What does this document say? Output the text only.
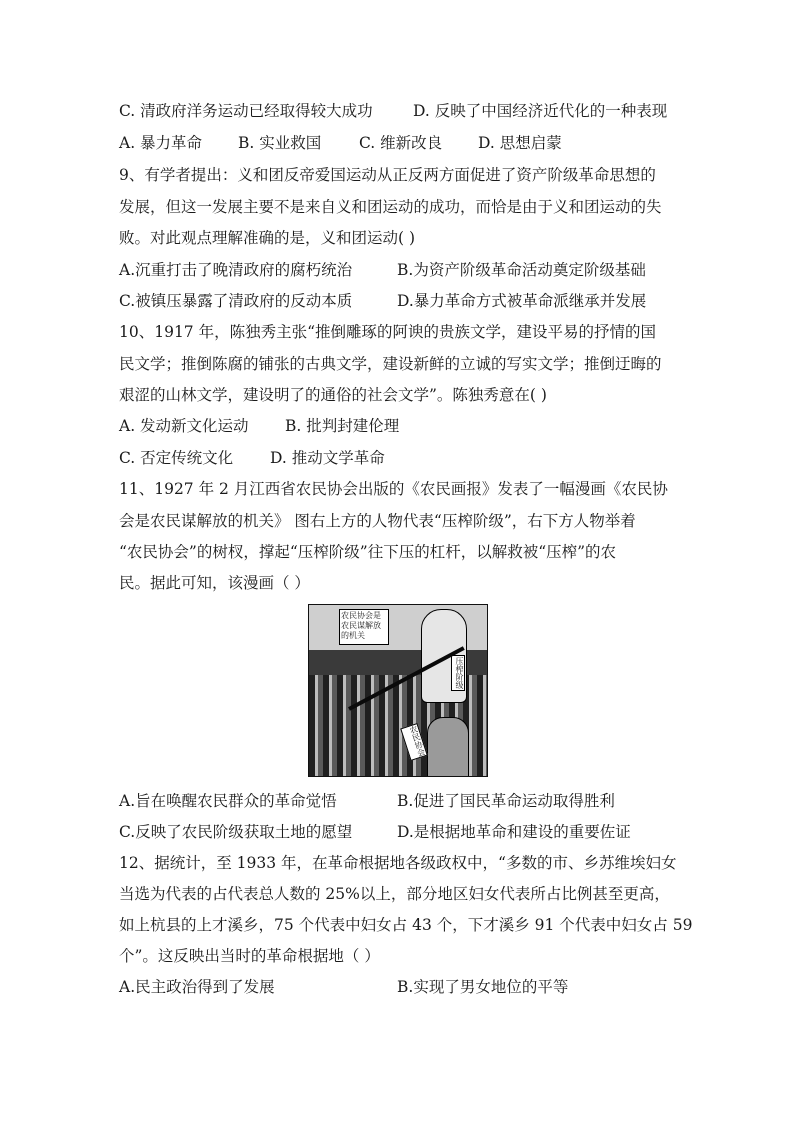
C. 清政府洋务运动已经取得较大成功	D. 反映了中国经济近代化的一种表现
A. 暴力革命 B. 实业救国 C. 维新改良 D. 思想启蒙
9、有学者提出：义和团反帝爱国运动从正反两方面促进了资产阶级革命思想的
发展，但这一发展主要不是来自义和团运动的成功，而恰是由于义和团运动的失
败。对此观点理解准确的是，义和团运动( )
A.沉重打击了晚清政府的腐朽统治	B.为资产阶级革命活动奠定阶级基础
C.被镇压暴露了清政府的反动本质	D.暴力革命方式被革命派继承并发展
10、1917 年，陈独秀主张“推倒雕琢的阿谀的贵族文学，建设平易的抒情的国
民文学；推倒陈腐的铺张的古典文学，建设新鲜的立诚的写实文学；推倒迂晦的
艰涩的山林文学，建设明了的通俗的社会文学”。陈独秀意在( )
A. 发动新文化运动 B. 批判封建伦理
C. 否定传统文化 D. 推动文学革命
11、1927 年 2 月江西省农民协会出版的《农民画报》发表了一幅漫画《农民协
会是农民谋解放的机关》 图右上方的人物代表“压榨阶级”，右下方人物举着
“农民协会”的树杈，撑起“压榨阶级”往下压的杠杆，以解救被“压榨”的农
民。据此可知，该漫画（ ）
农民协会是农民谋解放的机关
压榨阶级
农民协会
A.旨在唤醒农民群众的革命觉悟	B.促进了国民革命运动取得胜利
C.反映了农民阶级获取土地的愿望	D.是根据地革命和建设的重要佐证
12、据统计，至 1933 年，在革命根据地各级政权中，“多数的市、乡苏维埃妇女
当选为代表的占代表总人数的 25%以上，部分地区妇女代表所占比例甚至更高，
如上杭县的上才溪乡，75 个代表中妇女占 43 个，下才溪乡 91 个代表中妇女占 59
个”。这反映出当时的革命根据地（ ）
A.民主政治得到了发展	B.实现了男女地位的平等
